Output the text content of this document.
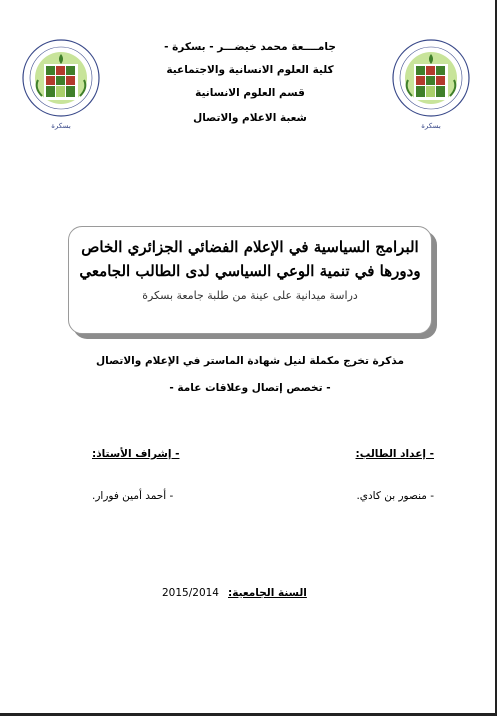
بسكرة	بسكرة
جامــــعة محمد خيضـــر - بسكرة -
كلية العلوم الانسانية والاجتماعية
قسم العلوم الانسانية
شعبة الاعلام والاتصال
البرامج السياسية في الإعلام الفضائي الجزائري الخاص ودورها في تنمية الوعي السياسي لدى الطالب الجامعي
دراسة ميدانية على عينة من طلبة جامعة بسكرة
مذكرة تخرج مكملة لنيل شهادة الماستر في الإعلام والاتصال
- تخصص إتصال وعلاقات عامة -
- إعداد الطالب:
- إشراف الأستاذ:
- منصور بن كادي.
- أحمد أمين فورار.
السنة الجامعية:
2015/2014
